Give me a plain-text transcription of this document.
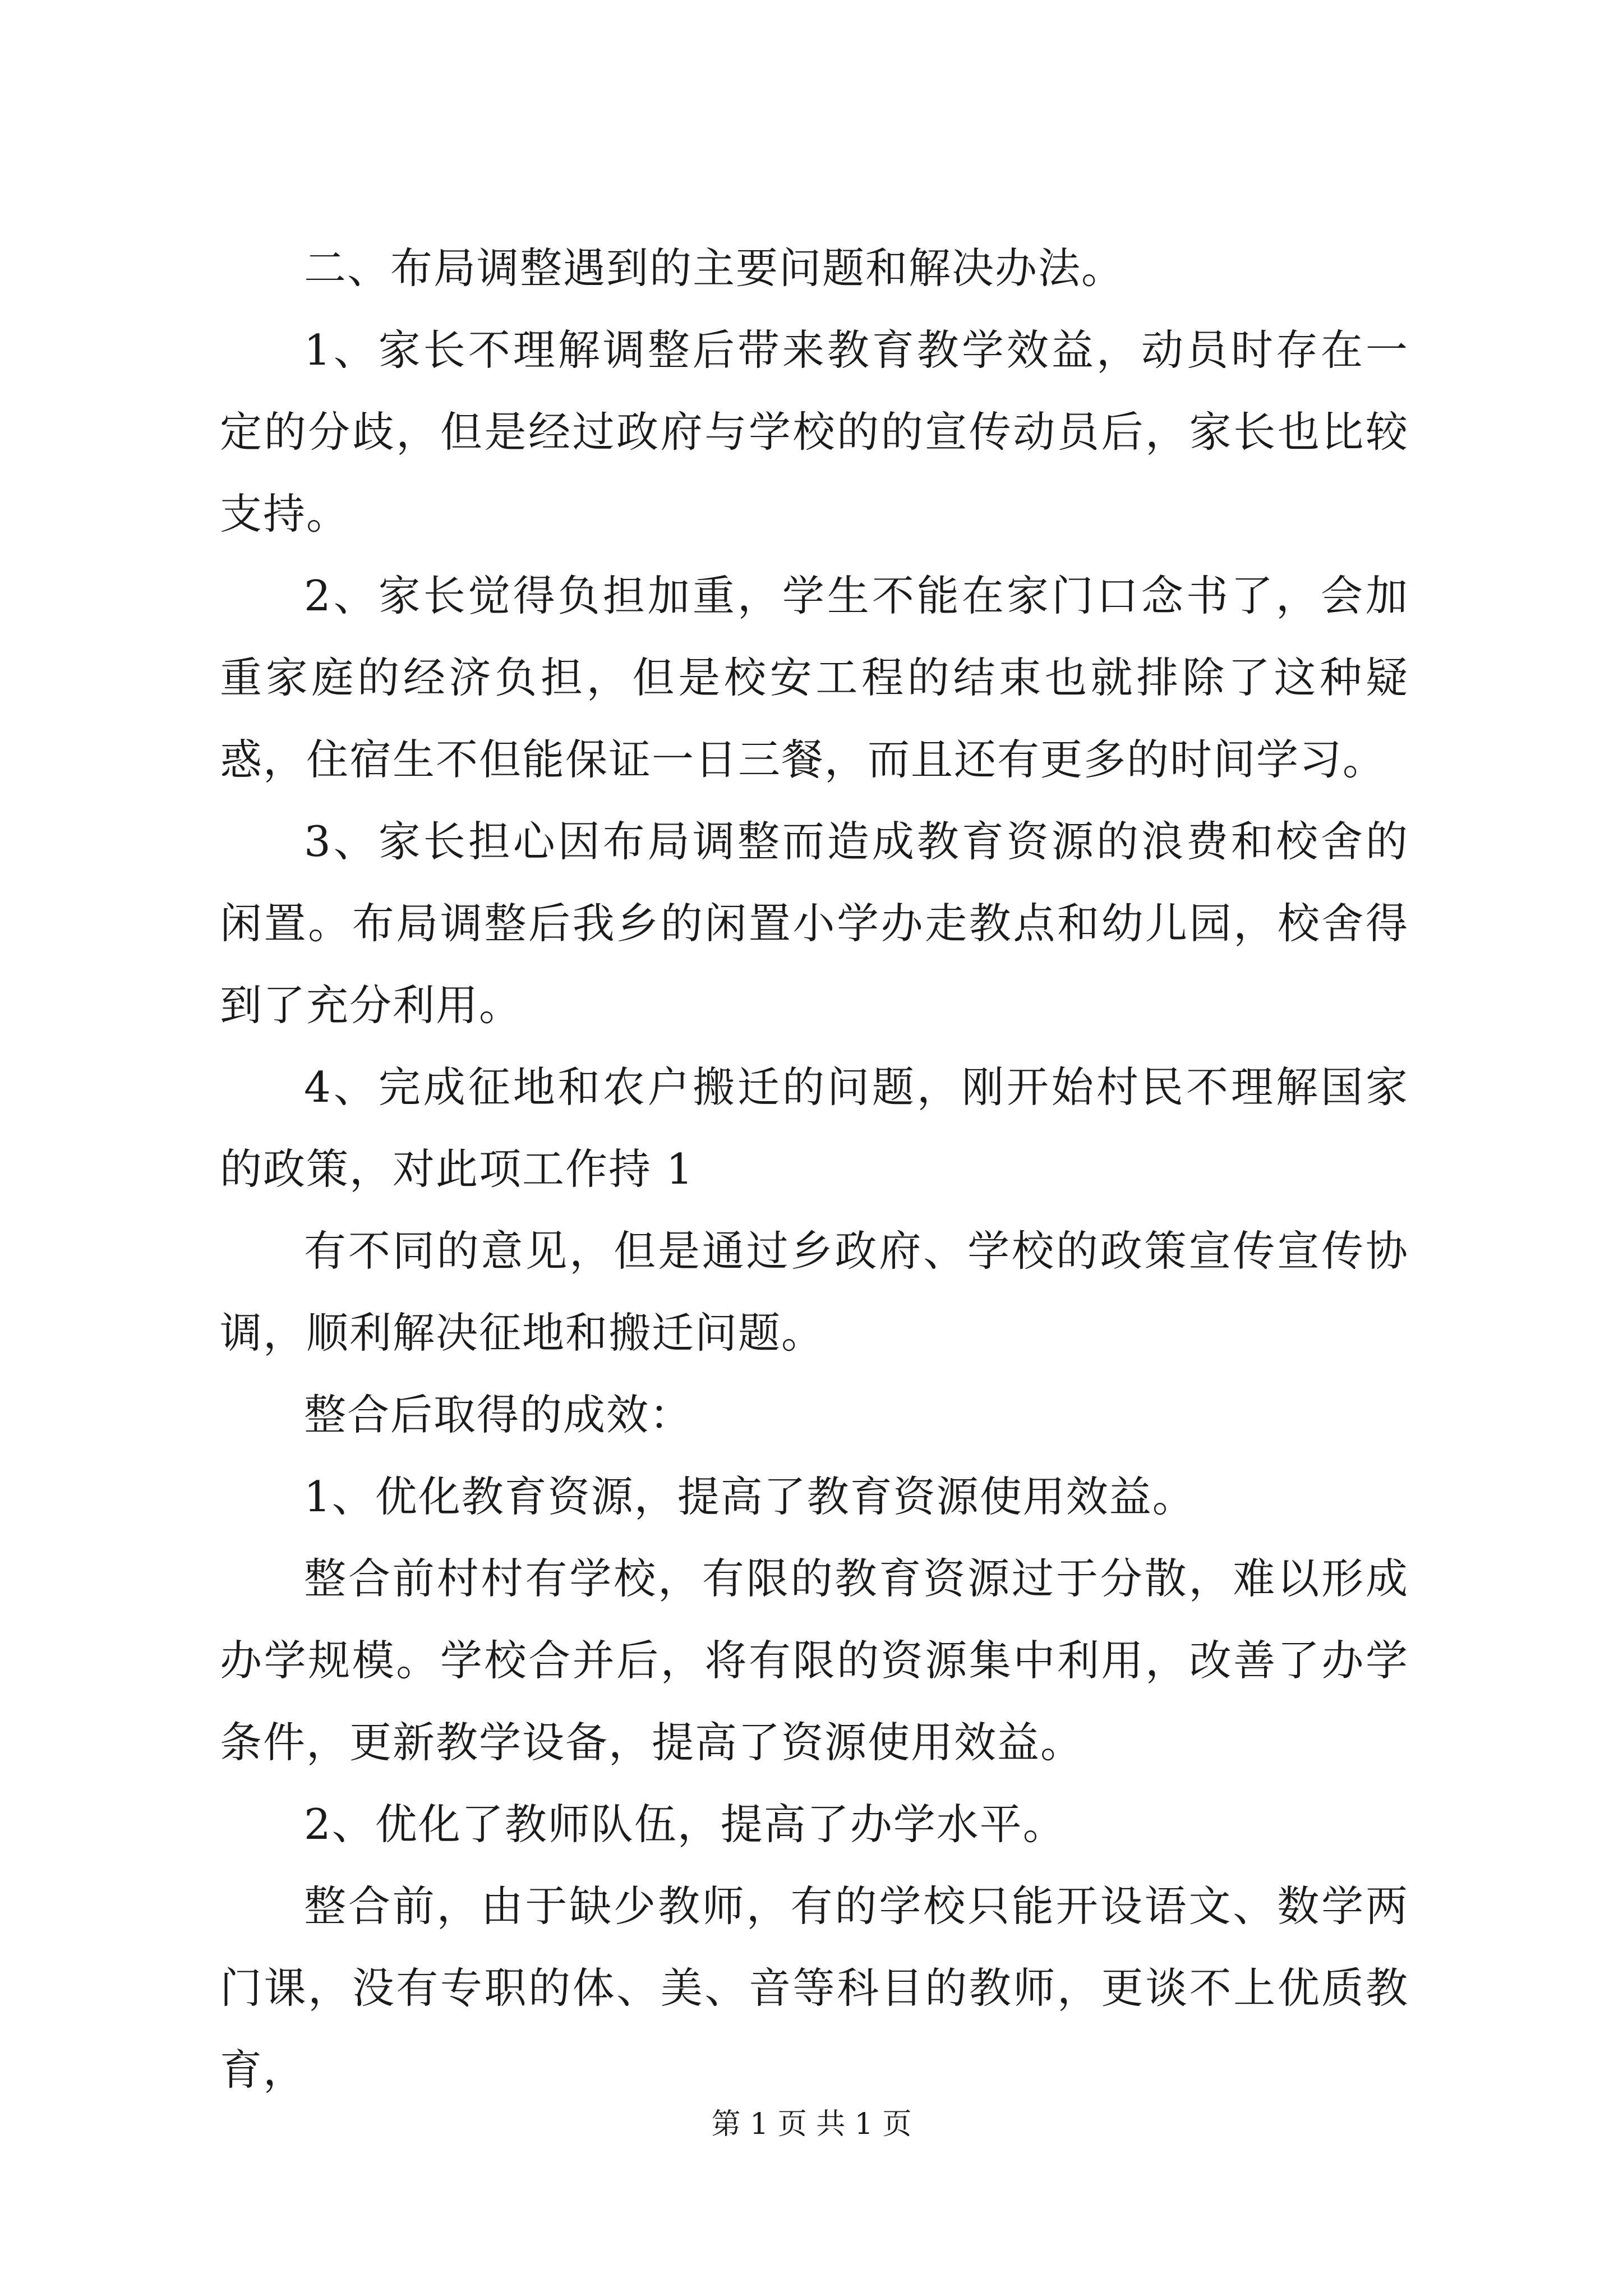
二、布局调整遇到的主要问题和解决办法。

1、家长不理解调整后带来教育教学效益，动员时存在一定的分歧，但是经过政府与学校的的宣传动员后，家长也比较支持。

2、家长觉得负担加重，学生不能在家门口念书了，会加重家庭的经济负担，但是校安工程的结束也就排除了这种疑惑，住宿生不但能保证一日三餐，而且还有更多的时间学习。

3、家长担心因布局调整而造成教育资源的浪费和校舍的闲置。布局调整后我乡的闲置小学办走教点和幼儿园，校舍得到了充分利用。

4、完成征地和农户搬迁的问题，刚开始村民不理解国家的政策，对此项工作持 1

有不同的意见，但是通过乡政府、学校的政策宣传宣传协调，顺利解决征地和搬迁问题。

整合后取得的成效：

1、优化教育资源，提高了教育资源使用效益。

整合前村村有学校，有限的教育资源过于分散，难以形成办学规模。学校合并后，将有限的资源集中利用，改善了办学条件，更新教学设备，提高了资源使用效益。

2、优化了教师队伍，提高了办学水平。

整合前，由于缺少教师，有的学校只能开设语文、数学两门课，没有专职的体、美、音等科目的教师，更谈不上优质教育，

第 1 页 共 1 页
